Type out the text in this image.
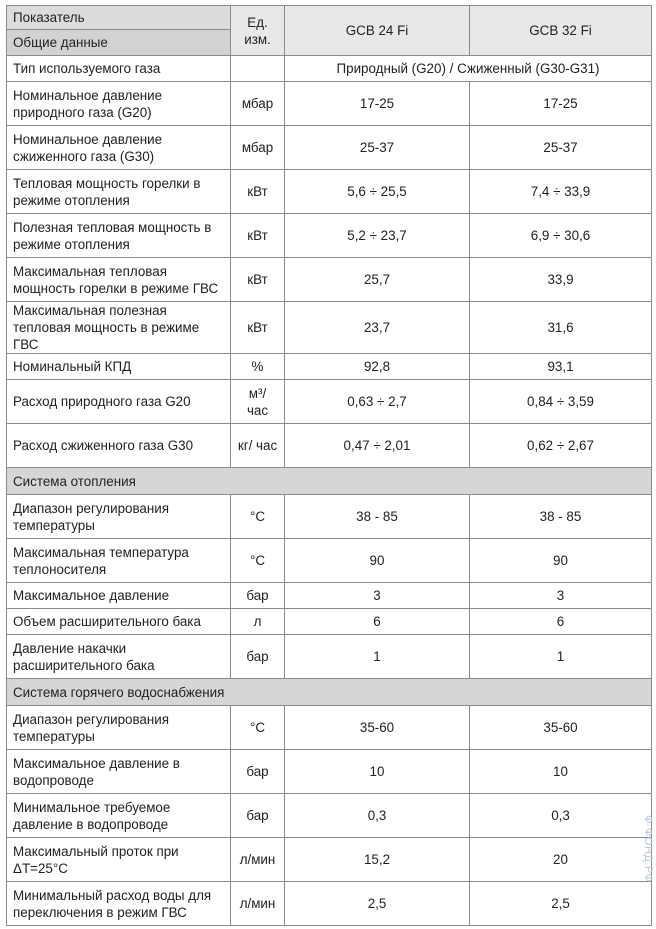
Показатель	Ед. изм.	GCB 24 Fi	GCB 32 Fi
Общие данные			
Тип используемого газа		Природный (G20) / Сжиженный (G30-G31)	
Номинальное давление природного газа (G20)	мбар	17-25	17-25
Номинальное давление сжиженного газа (G30)	мбар	25-37	25-37
Тепловая мощность горелки в режиме отопления	кВт	5,6 ÷ 25,5	7,4 ÷ 33,9
Полезная тепловая мощность в режиме отопления	кВт	5,2 ÷ 23,7	6,9 ÷ 30,6
Максимальная тепловая мощность горелки в режиме ГВС	кВт	25,7	33,9
Максимальная полезная тепловая мощность в режиме ГВС	кВт	23,7	31,6
Номинальный КПД	%	92,8	93,1
Расход природного газа G20	м³/ час	0,63 ÷ 2,7	0,84 ÷ 3,59
Расход сжиженного газа G30	кг/ час	0,47 ÷ 2,01	0,62 ÷ 2,67
Система отопления			
Диапазон регулирования температуры	°С	38 - 85	38 - 85
Максимальная температура теплоносителя	°С	90	90
Максимальное давление	бар	3	3
Объем расширительного бака	л	6	6
Давление накачки расширительного бака	бар	1	1
Система горячего водоснабжения			
Диапазон регулирования температуры	°С	35-60	35-60
Максимальное давление в водопроводе	бар	10	10
Минимальное требуемое давление в водопроводе	бар	0,3	0,3
Максимальный проток при ΔT=25°С	л/мин	15,2	20
Минимальный расход воды для переключения в режим ГВС	л/мин	2,5	2,5
Ф-ФОНД.РФ
